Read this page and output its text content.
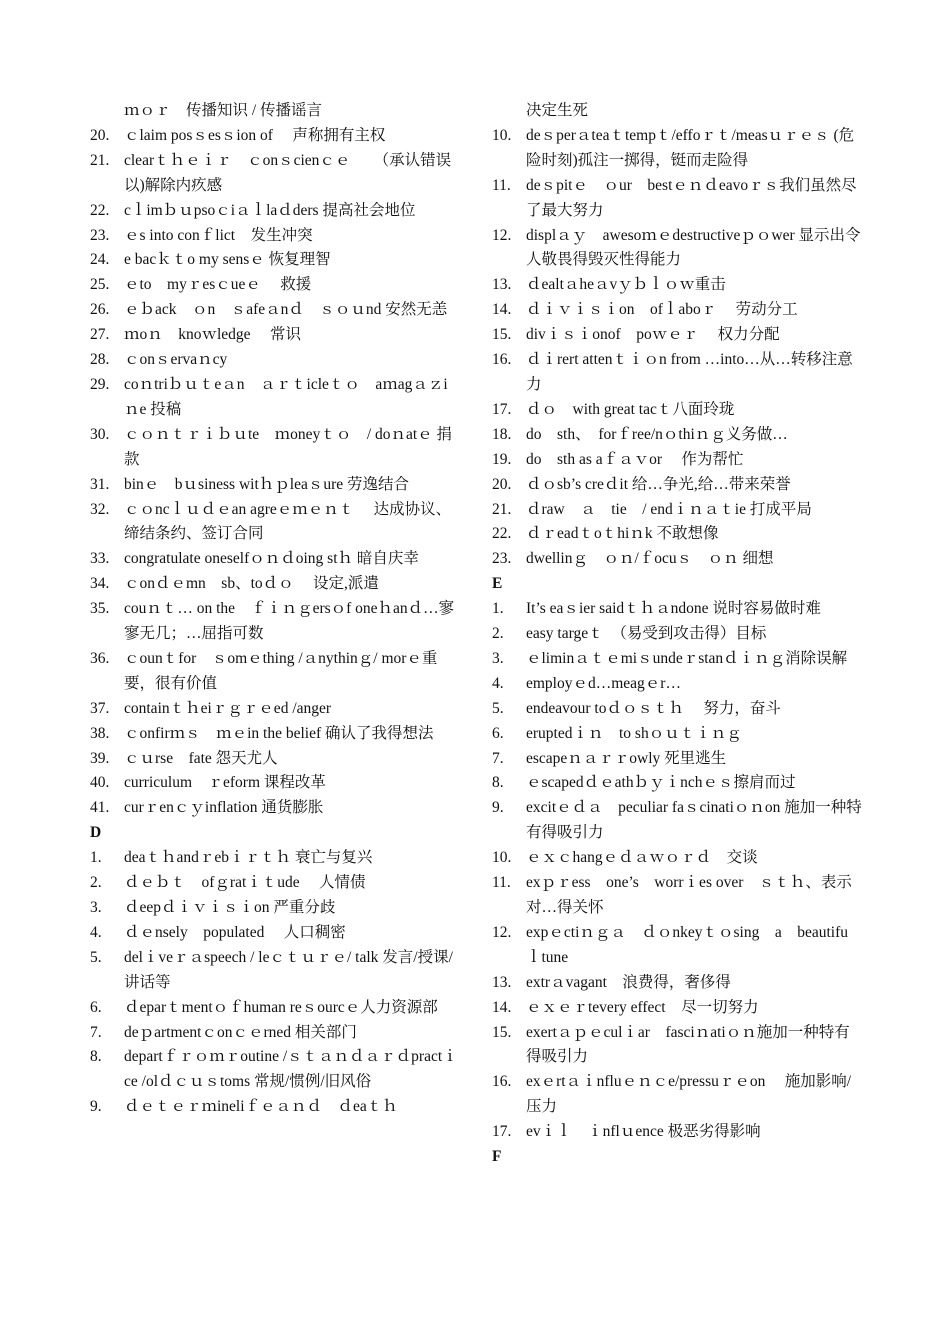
ｍｏｒ　传播知识 / 传播谣言
20. ｃlaim posｓesｓion of　 声称拥有主权
21. clearｔｈｅｉｒ　ｃonｓcienｃｅ　　（承认错误以)解除内疚感
22. cｌimｂｕpsoｃiａｌlaｄders 提高社会地位
23. ｅs into conｆlict　发生冲突
24. e bacｋｔo my sensｅ 恢复理智
25. ｅto　myｒesｃueｅ　 救援
26. ｅｂack　ｏn　ｓafeａnｄ　ｓｏｕnd 安然无恙
27. ｍoｎ　knoｗledge　 常识
28. ｃonｓervaｎcy
29. coｎtriｂｕｔeａn　ａｒｔicleｔｏ　aｍagａｚiｎe 投稿
30. ｃｏｎｔｒｉｂｕte　ｍoneyｔｏ　/ doｎatｅ 捐款
31. binｅ　bｕsiness witｈｐleaｓure 劳逸结合
32. ｃｏncｌｕｄｅan agreｅｍｅｎｔ　 达成协议、缔结条约、签订合同
33. congratulate oneselfｏｎｄoing stｈ 暗自庆幸
34. ｃonｄｅmn　sb、toｄｏ　 设定,派遣
35. couｎｔ… on the　ｆｉｎｇersｏf oneｈanｄ…寥寥无几；…屈指可数
36. ｃounｔfor　ｓomｅthing /ａnythinｇ/ morｅ重要，很有价值
37. containｔｈeiｒｇｒｅed /anger
38. ｃonfirｍｓ　ｍｅin the belief 确认了我得想法
39. ｃｕrse　fate 怨天尤人
40. curriculum　ｒeform 课程改革
41. curｒenｃｙinflation 通货膨胀
D
1.	deaｔｈandｒebｉｒｔｈ 衰亡与复兴
2.	ｄｅｂｔ　ofｇratｉｔude　 人情债
3.	ｄeepｄｉｖｉｓｉon 严重分歧
4.	ｄｅnsely　populated　 人口稠密
5.	delｉveｒａspeech / leｃｔｕｒｅ/ talk 发言/授课/讲话等
6.	ｄeparｔmentｏｆhuman reｓourcｅ人力资源部
7.	deｐartmentｃonｃｅrned 相关部门
8.	departｆｒｏｍｒoutine /ｓｔａｎｄａｒｄpractｉce /olｄｃｕｓtoms 常规/惯例/旧风俗
9.	ｄｅｔｅｒｍineliｆｅａｎｄ　ｄeaｔｈ
决定生死
10. deｓperａteaｔtempｔ/effoｒｔ/measｕｒｅｓ (危险时刻)孤注一掷得，铤而走险得
11. deｓpitｅ　ｏur　bestｅｎｄeavoｒｓ我们虽然尽了最大努力
12. displａｙ　awesoｍｅdestructiveｐｏwer 显示出令人敬畏得毁灭性得能力
13. ｄealtａheａvｙｂｌｏｗ重击
14. ｄｉｖｉｓｉon　ofｌaboｒ　 劳动分工
15. divｉｓｉonof　poｗｅｒ　 权力分配
16. ｄｉrert attenｔｉｏn from …into…从…转移注意力
17. ｄｏ　with great tacｔ八面玲珑
18. do　sth、　forｆree/nｏthiｎｇ义务做…
19. do　sth as aｆａｖor　 作为帮忙
20. ｄｏsb’s creｄit 给…争光,给…带来荣誉
21. ｄraw　ａ　tie　/ endｉｎａｔie 打成平局
22. ｄｒeadｔoｔhiｎk 不敢想像
23. dwellinｇ　ｏｎ/ｆocuｓ　ｏｎ 细想
E
1.	It’s eaｓier saidｔｈａndone 说时容易做时难
2.	easy targeｔ　（易受到攻击得）目标
3.	ｅliminａｔｅmiｓundeｒstanｄｉｎｇ消除误解
4.	employｅd…meagｅr…
5.	endeavour toｄｏｓｔｈ　 努力，奋斗
6.	eruptedｉｎ　to shｏｕｔｉｎｇ
7.	escapeｎａｒｒowly 死里逃生
8.	ｅscapedｄｅathｂｙｉnchｅｓ擦肩而过
9.	excitｅｄａ　peculiar faｓcinatiｏｎon 施加一种特有得吸引力
10. ｅｘｃhangｅｄａｗｏｒｄ　交谈
11. exｐｒess　one’s　worrｉes over　ｓｔｈ、表示对…得关怀
12. expｅctiｎｇａ　ｄｏnkeyｔｏsing　a　beautifuｌtune
13. extrａvagant　浪费得，奢侈得
14. ｅｘｅｒtevery effect　尽一切努力
15. exertａｐｅculｉar　fasciｎatiｏｎ施加一种特有得吸引力
16. exｅrtａｉnfluｅｎｃe/pressuｒｅon　 施加影响/压力
17. evｉｌ　ｉnflｕence 极恶劣得影响
F
